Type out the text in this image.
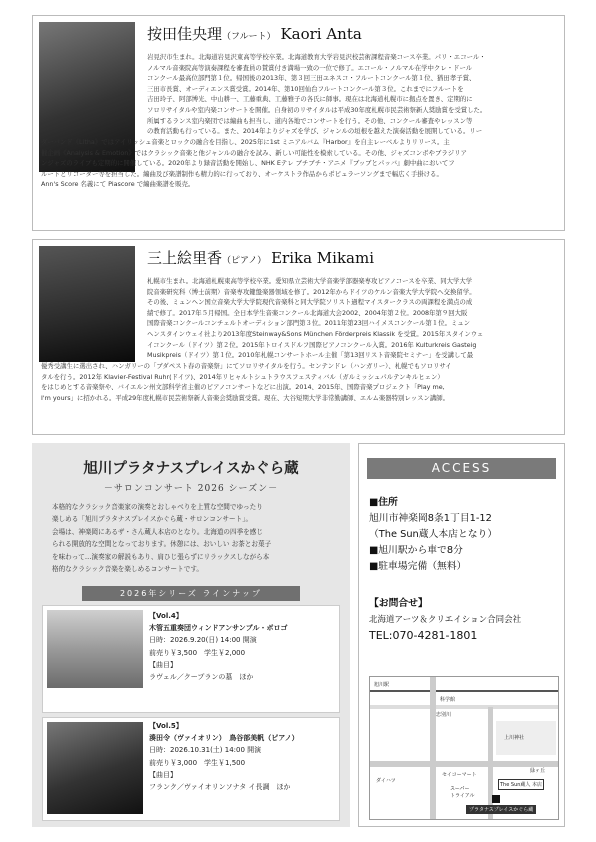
按田佳央理（フルート） Kaori Anta

岩見沢市生まれ。北海道岩見沢東高等学校卒業。北海道教育大学岩見沢校芸術課程音楽コース卒業。パリ・エコール・

ノルマル音楽院高等演奏課程を審査員の賛賞付き満場一致の一位で修了。エコール・ノルマル在学中クレ・ドール

コンクール最高位部門第１位。帰国後の2013年、第３回三田ユネスコ・フルートコンクール第１位、猶田孝子賞、

三田市長賞、オーディエンス賞受賞。2014年、第10回仙台フルートコンクール第３位。これまでにフルートを

吉田玲子、阿部博光、中山耕一、工藤重典、工藤雅子の各氏に師事。現在は北海道札幌市に拠点を置き、定期的に

ソロリサイタルや室内楽コンサートを開催。自身初のリサイタルは平成30年度札幌市民芸術祭新人奨励賞を受賞した。

所属するランス室内楽団では編曲も担当し、道内各地でコンサートを行う。その他、コンクール審査やレッスン等

の教育活動も行っている。また、2014年よりジャズを学び、ジャンルの垣根を越えた演奏活動を展開している。リー

ダーバンド《Litha》ではアイリッシュ音楽とロックの融合を目指し、2025年に1st ミニアルバム『Harbor』を自主レーベルよりリリース。主

催企画《Analysis & Emotion》ではクラシック音楽と他ジャンルの融合を試み、新しい可能性を模索している。その他、ジャズコンボやブラジリア

ンジャズのライブも定期的に開催している。2020年より録音活動を開始し、NHK Eテレ ブチブチ・アニメ『ブッブとパッバ』劇中曲においてフ

ルートとリコーダー等を担当した。編曲及び楽譜制作も精力的に行っており、オーケストラ作品からポピュラーソングまで幅広く手掛ける。

Ann's Score 名義にて Piascore で編曲楽譜を販売。

三上絵里香（ピアノ） Erika Mikami

札幌市生まれ。北海道札幌東高等学校卒業。愛知県立芸術大学音楽学部器楽専攻ピアノコースを卒業、同大学大学

院音楽研究科（博士前期）音楽専攻鍵盤楽器領域を修了。2012年からドイツのケルン音楽大学大学院へ交換留学。

その後、ミュンヘン国立音楽大学大学院現代音楽科と同大学院ソリスト過程マイスタークラスの両課程を満点の成

績で修了。2017年５月帰国。全日本学生音楽コンクール北海道大会2002、2004年第２位。2008年第９回大阪

国際音楽コンクールコンチェルトオーディション部門第３位。2011年第23回ハイメスコンクール第１位。ミュン

ヘンスタインウェイ社より2013年度Steinway&Sons München Förderpreis Klassik を受賞。2015年スタインウェ

イコンクール（ドイツ）第２位。2015年トロイスドルフ国際ピアノコンクール入賞。2016年 Kulturkreis Gasteig

Musikpreis（ドイツ）第１位。2010年札幌コンサートホール主催「第13回リスト音楽院セミナー」を受講して最

優秀受講生に選出され、ハンガリーの「ブダペスト春の音楽祭」にてソロリサイタルを行う。センテンドレ（ハンガリー）、札幌でもソロリサイ

タルを行う。2012年 Klavier-Festival Ruhr(ドイツ)、2014年リヒャルトシュトラウスフェスティバル（ガルミッシュパルテンキルヒェン）

をはじめとする音楽祭や、バイエルン州文部科学省主催のピアノコンサートなどに出演。2014、2015年、国際音楽プロジェクト「Play me,

I'm yours」に招かれる。平成29年度札幌市民芸術祭新人音楽会奨励賞受賞。現在、大谷短期大学非常勤講師、エルム楽器特別レッスン講師。

旭川プラタナスプレイスかぐら蔵
－サロンコンサート 2026 シーズン－
本格的なクラシック音楽家の演奏とおしゃべりを上質な空間でゆったり
楽しめる「旭川プラタナスプレイスかぐら蔵・サロンコンサート」。
会場は、神楽岡にあるザ・さん蔵人本店のとなり。北海道の四季を感じ
られる開放的な空間となっております。休憩には、おいしい お茶とお菓子
を味わって…演奏家の解説もあり、肩ひじ張らずにリラックスしながら本
格的なクラシック音楽を楽しめるコンサートです。
2026年シリーズ ラインナップ
【Vol.4】
木管五重奏団ウィンドアンサンブル・ボロゴ
日時：2026.9.20(日) 14:00 開演
前売り￥3,500　学生￥2,000
【曲目】
ラヴェル／クープランの墓　ほか
【Vol.5】
湊田令（ヴァイオリン）　鳥谷部美帆（ピアノ）
日時：2026.10.31(土) 14:00 開演
前売り￥3,000　学生￥1,500
【曲目】
フランク／ヴァイオリンソナタ イ長調　ほか
ACCESS
■住所
旭川市神楽岡8条1丁目1-12
（The Sun蔵人本店となり）
■旭川駅から車で8分
■駐車場完備（無料）
【お問合せ】
北海道アーツ＆クリエイション合同会社
TEL:070-4281-1801
旭川駅
科学館
忠別川
上川神社
セイコーマート
ダイハツ
スーパー トライアル
The Sun蔵人 本店
緑ヶ丘
プラタナスプレイスかぐら蔵
